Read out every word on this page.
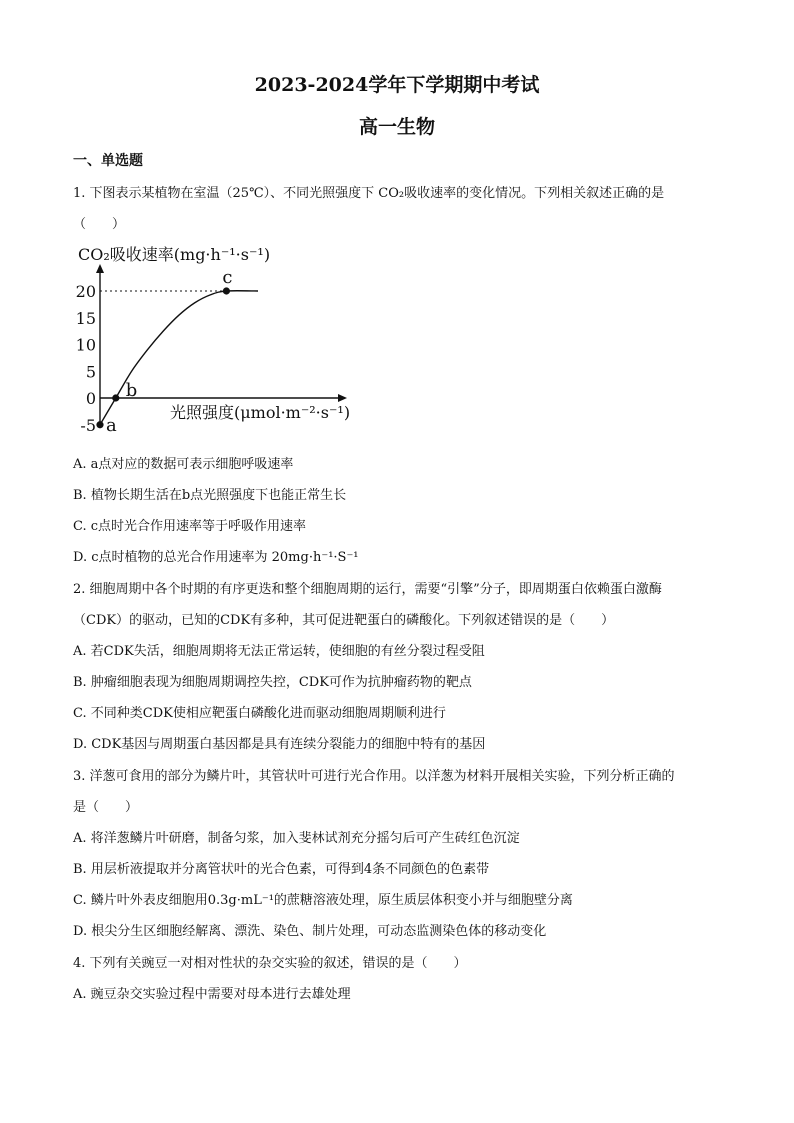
2023-2024学年下学期期中考试
高一生物
一、单选题
1. 下图表示某植物在室温（25℃）、不同光照强度下 CO₂吸收速率的变化情况。下列相关叙述正确的是
（　　）
CO₂吸收速率(mg·h⁻¹·s⁻¹)
20
15
10
5
0
-5 a
b
c
光照强度(μmol·m⁻²·s⁻¹)
A. a点对应的数据可表示细胞呼吸速率
B. 植物长期生活在b点光照强度下也能正常生长
C. c点时光合作用速率等于呼吸作用速率
D. c点时植物的总光合作用速率为 20mg·h⁻¹·S⁻¹
2. 细胞周期中各个时期的有序更迭和整个细胞周期的运行，需要“引擎”分子，即周期蛋白依赖蛋白激酶
（CDK）的驱动，已知的CDK有多种，其可促进靶蛋白的磷酸化。下列叙述错误的是（　　）
A. 若CDK失活，细胞周期将无法正常运转，使细胞的有丝分裂过程受阻
B. 肿瘤细胞表现为细胞周期调控失控，CDK可作为抗肿瘤药物的靶点
C. 不同种类CDK使相应靶蛋白磷酸化进而驱动细胞周期顺利进行
D. CDK基因与周期蛋白基因都是具有连续分裂能力的细胞中特有的基因
3. 洋葱可食用的部分为鳞片叶，其管状叶可进行光合作用。以洋葱为材料开展相关实验，下列分析正确的
是（　　）
A. 将洋葱鳞片叶研磨，制备匀浆，加入斐林试剂充分摇匀后可产生砖红色沉淀
B. 用层析液提取并分离管状叶的光合色素，可得到4条不同颜色的色素带
C. 鳞片叶外表皮细胞用0.3g·mL⁻¹的蔗糖溶液处理，原生质层体积变小并与细胞壁分离
D. 根尖分生区细胞经解离、漂洗、染色、制片处理，可动态监测染色体的移动变化
4. 下列有关豌豆一对相对性状的杂交实验的叙述，错误的是（　　）
A. 豌豆杂交实验过程中需要对母本进行去雄处理
